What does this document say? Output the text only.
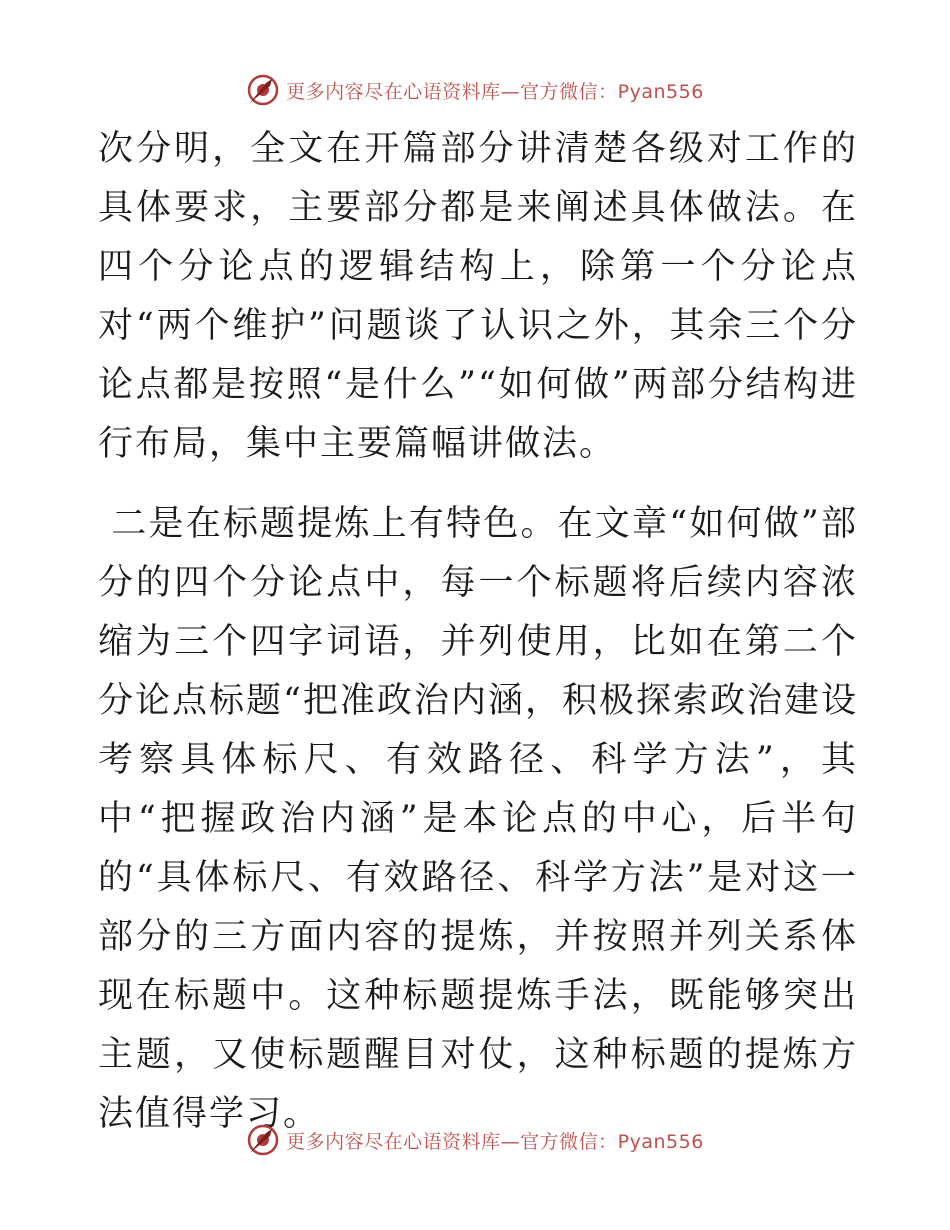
更多内容尽在心语资料库—官方微信：Pyan556

次分明，全文在开篇部分讲清楚各级对工作的具体要求，主要部分都是来阐述具体做法。在四个分论点的逻辑结构上，除第一个分论点对“两个维护”问题谈了认识之外，其余三个分论点都是按照“是什么”“如何做”两部分结构进行布局，集中主要篇幅讲做法。

二是在标题提炼上有特色。在文章“如何做”部分的四个分论点中，每一个标题将后续内容浓缩为三个四字词语，并列使用，比如在第二个分论点标题“把准政治内涵，积极探索政治建设考察具体标尺、有效路径、科学方法”，其中“把握政治内涵”是本论点的中心，后半句的“具体标尺、有效路径、科学方法”是对这一部分的三方面内容的提炼，并按照并列关系体现在标题中。这种标题提炼手法，既能够突出主题，又使标题醒目对仗，这种标题的提炼方法值得学习。

更多内容尽在心语资料库—官方微信：Pyan556
